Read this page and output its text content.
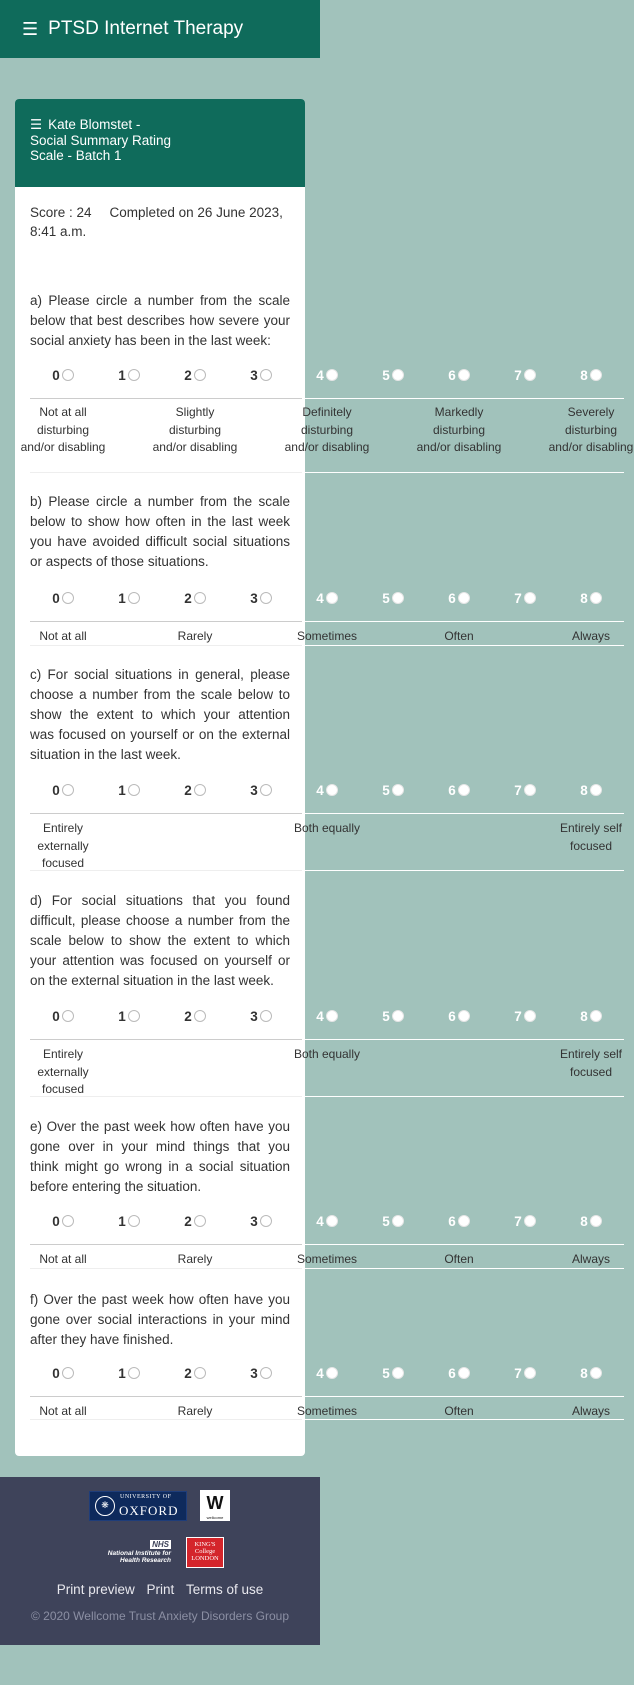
☰ PTSD Internet Therapy
☰ Kate Blomstet -
Social Summary Rating
Scale - Batch 1
Score : 24 Completed on 26 June 2023,
8:41 a.m.
a) Please circle a number from the scale below that best describes how severe your social anxiety has been in the last week:
0	1	2	3	4	5	6	7	8
Not at all disturbing and/or disabling
Slightly disturbing and/or disabling
Definitely disturbing and/or disabling
Markedly disturbing and/or disabling
Severely disturbing and/or disabling
b) Please circle a number from the scale below to show how often in the last week you have avoided difficult social situations or aspects of those situations.
0	1	2	3	4	5	6	7	8
Not at all	Rarely	Sometimes	Often	Always
c) For social situations in general, please choose a number from the scale below to show the extent to which your attention was focused on yourself or on the external situation in the last week.
0	1	2	3	4	5	6	7	8
Entirely externally focused
Both equally	Entirely self focused
d) For social situations that you found difficult, please choose a number from the scale below to show the extent to which your attention was focused on yourself or on the external situation in the last week.
0	1	2	3	4	5	6	7	8
Entirely externally focused
Both equally	Entirely self focused
e) Over the past week how often have you gone over in your mind things that you think might go wrong in a social situation before entering the situation.
0	1	2	3	4	5	6	7	8
Not at all	Rarely	Sometimes	Often	Always
f) Over the past week how often have you gone over social interactions in your mind after they have finished.
0	1	2	3	4	5	6	7	8
Not at all	Rarely	Sometimes	Often	Always
❋
UNIVERSITY OF
OXFORD	W
wellcome
NHS
National Institute for Health Research
KING'S College LONDON
Print preview Print Terms of use
© 2020 Wellcome Trust Anxiety Disorders Group
